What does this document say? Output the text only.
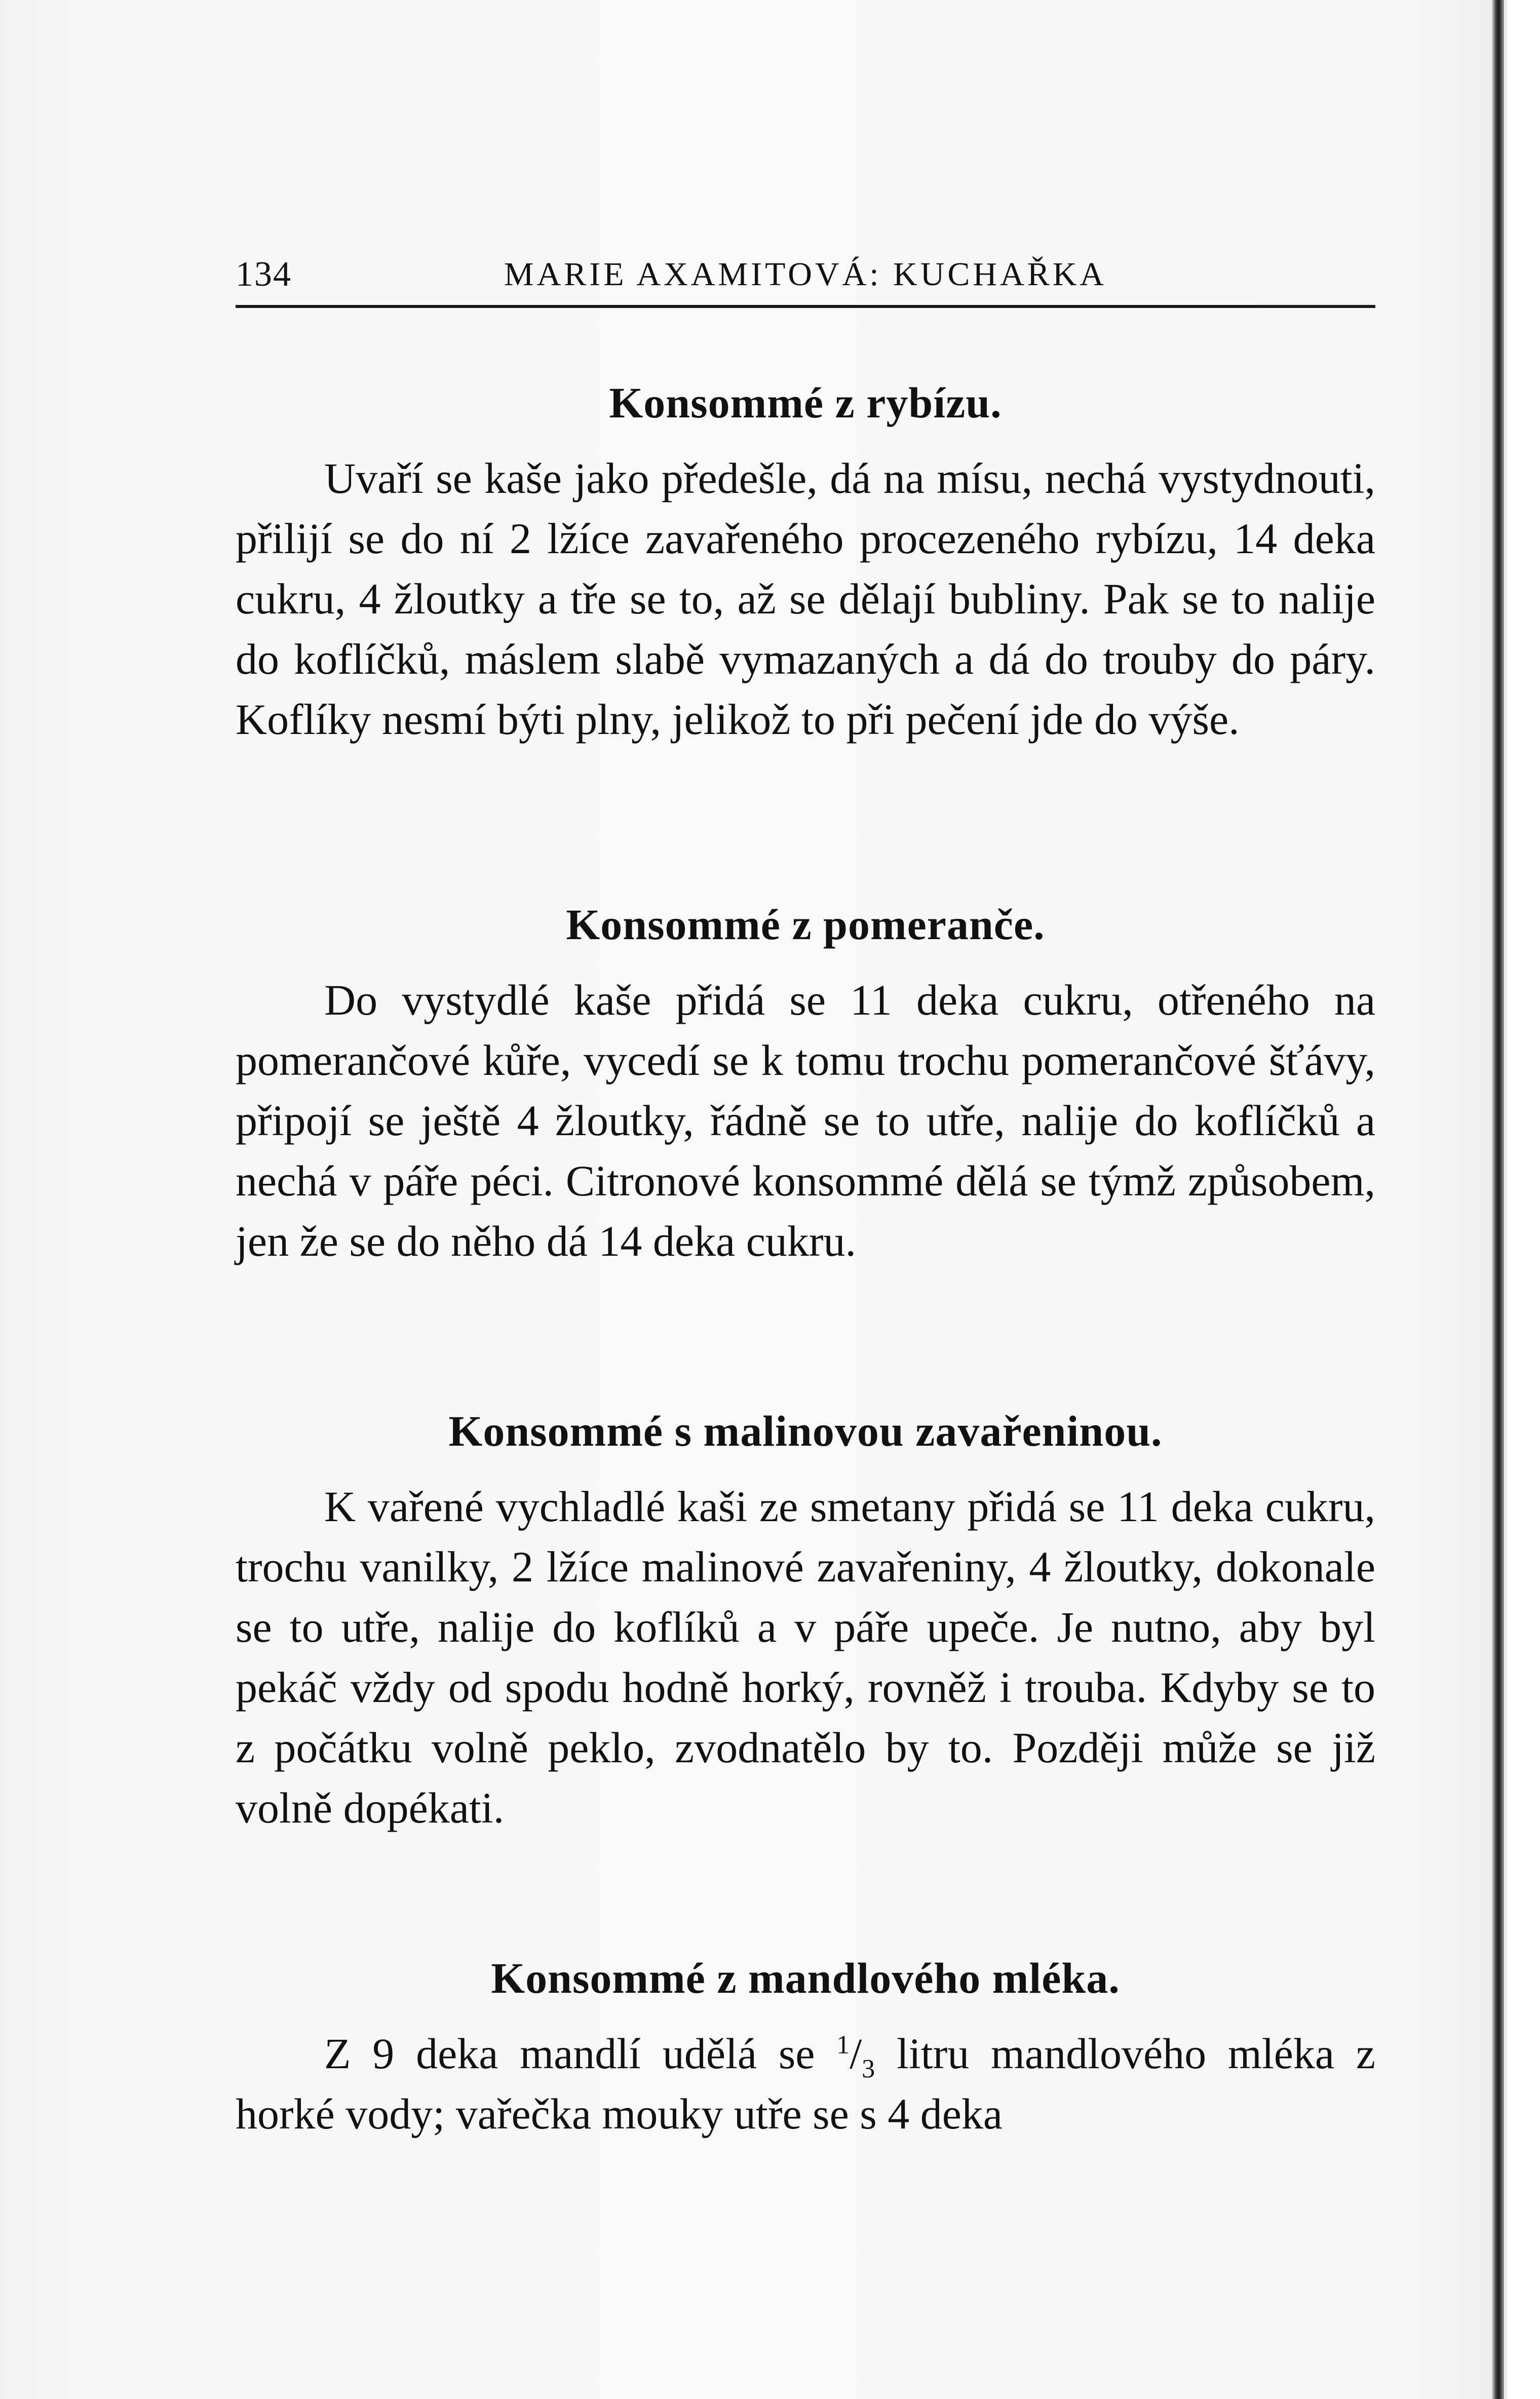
134	MARIE AXAMITOVÁ: KUCHAŘKA
Konsommé z rybízu.

Uvaří se kaše jako předešle, dá na mísu, nechá vystydnouti, přilijí se do ní 2 lžíce zavařeného procezeného rybízu, 14 deka cukru, 4 žloutky a tře se to, až se dělají bubliny. Pak se to nalije do koflíčků, máslem slabě vymazaných a dá do trouby do páry. Koflíky nesmí býti plny, jelikož to při pečení jde do výše.

Konsommé z pomeranče.

Do vystydlé kaše přidá se 11 deka cukru, otřeného na pomerančové kůře, vycedí se k tomu trochu pomerančové šťávy, připojí se ještě 4 žloutky, řádně se to utře, nalije do koflíčků a nechá v páře péci. Citronové konsommé dělá se týmž způsobem, jen že se do něho dá 14 deka cukru.

Konsommé s malinovou zavařeninou.

K vařené vychladlé kaši ze smetany přidá se 11 deka cukru, trochu vanilky, 2 lžíce malinové zavařeniny, 4 žloutky, dokonale se to utře, nalije do koflíků a v páře upeče. Je nutno, aby byl pekáč vždy od spodu hodně horký, rovněž i trouba. Kdyby se to z počátku volně peklo, zvodnatělo by to. Později může se již volně dopékati.

Konsommé z mandlového mléka.

Z 9 deka mandlí udělá se $^1/_3$ litru mandlového mléka z horké vody; vařečka mouky utře se s 4 deka
